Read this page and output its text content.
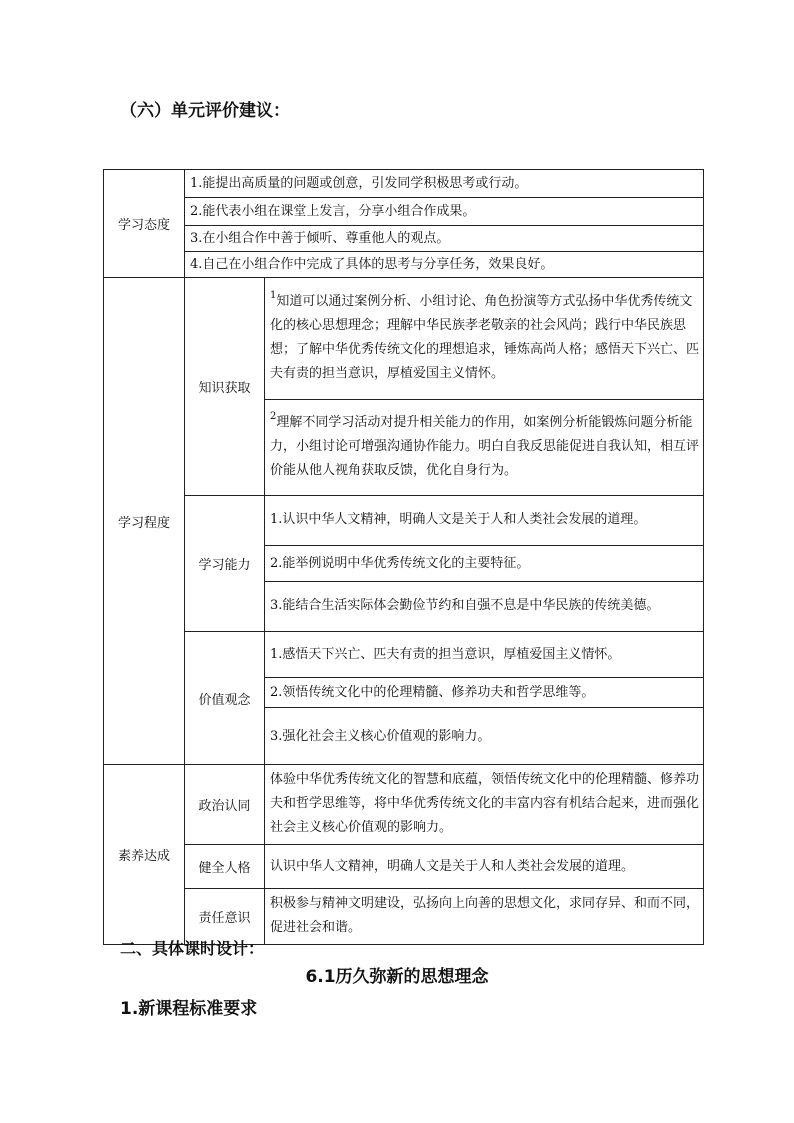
（六）单元评价建议：
学习态度	1.能提出高质量的问题或创意，引发同学积极思考或行动。	
	2.能代表小组在课堂上发言，分享小组合作成果。	
	3.在小组合作中善于倾听、尊重他人的观点。	
	4.自己在小组合作中完成了具体的思考与分享任务，效果良好。	
学习程度	知识获取	$^1$知道可以通过案例分析、小组讨论、角色扮演等方式弘扬中华优秀传统文化的核心思想理念；理解中华民族孝老敬亲的社会风尚；践行中华民族思想；了解中华优秀传统文化的理想追求，锤炼高尚人格；感悟天下兴亡、匹夫有责的担当意识，厚植爱国主义情怀。
		$^2$理解不同学习活动对提升相关能力的作用，如案例分析能锻炼问题分析能力，小组讨论可增强沟通协作能力。明白自我反思能促进自我认知，相互评价能从他人视角获取反馈，优化自身行为。
	学习能力	1.认识中华人文精神，明确人文是关于人和人类社会发展的道理。
		2.能举例说明中华优秀传统文化的主要特征。
		3.能结合生活实际体会勤俭节约和自强不息是中华民族的传统美德。
	价值观念	1.感悟天下兴亡、匹夫有责的担当意识，厚植爱国主义情怀。
		2.领悟传统文化中的伦理精髓、修养功夫和哲学思维等。
		3.强化社会主义核心价值观的影响力。
素养达成	政治认同	体验中华优秀传统文化的智慧和底蕴，领悟传统文化中的伦理精髓、修养功夫和哲学思维等，将中华优秀传统文化的丰富内容有机结合起来，进而强化社会主义核心价值观的影响力。
	健全人格	认识中华人文精神，明确人文是关于人和人类社会发展的道理。
	责任意识	积极参与精神文明建设，弘扬向上向善的思想文化，求同存异、和而不同，促进社会和谐。
二、具体课时设计：
6.1历久弥新的思想理念
1.新课程标准要求
